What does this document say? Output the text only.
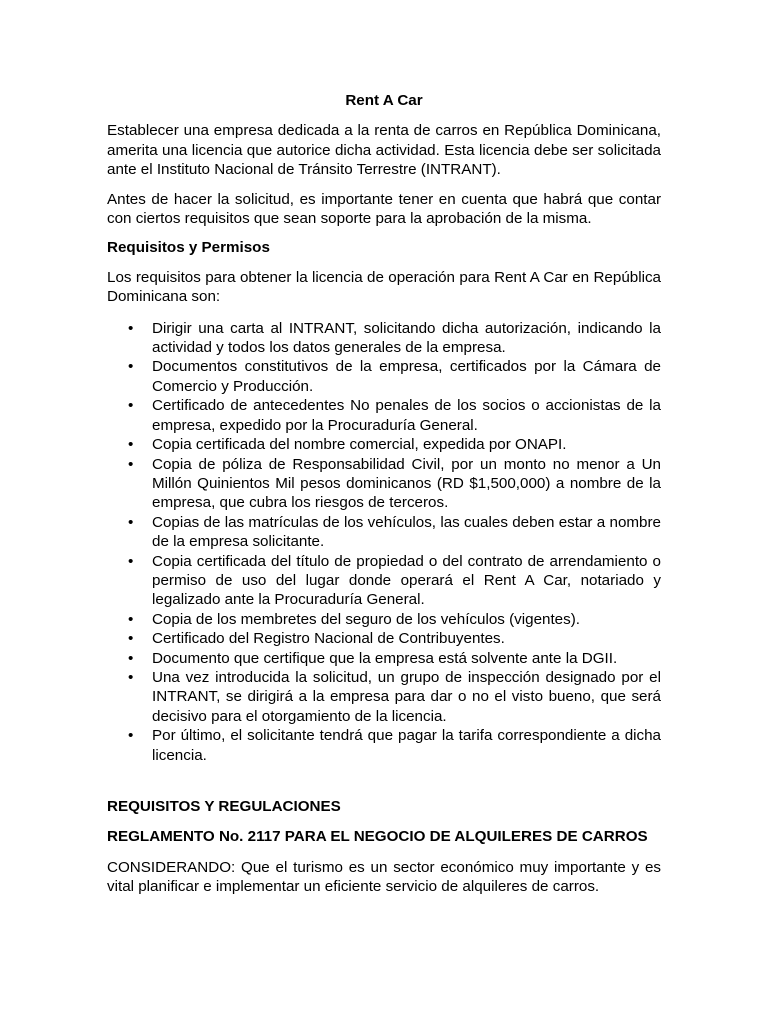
Rent A Car

Establecer una empresa dedicada a la renta de carros en República Dominicana, amerita una licencia que autorice dicha actividad. Esta licencia debe ser solicitada ante el Instituto Nacional de Tránsito Terrestre (INTRANT).

Antes de hacer la solicitud, es importante tener en cuenta que habrá que contar con ciertos requisitos que sean soporte para la aprobación de la misma.

Requisitos y Permisos

Los requisitos para obtener la licencia de operación para Rent A Car en República Dominicana son:

• Dirigir una carta al INTRANT, solicitando dicha autorización, indicando la actividad y todos los datos generales de la empresa.
• Documentos constitutivos de la empresa, certificados por la Cámara de Comercio y Producción.
• Certificado de antecedentes No penales de los socios o accionistas de la empresa, expedido por la Procuraduría General.
• Copia certificada del nombre comercial, expedida por ONAPI.
• Copia de póliza de Responsabilidad Civil, por un monto no menor a Un Millón Quinientos Mil pesos dominicanos (RD $1,500,000) a nombre de la empresa, que cubra los riesgos de terceros.
• Copias de las matrículas de los vehículos, las cuales deben estar a nombre de la empresa solicitante.
• Copia certificada del título de propiedad o del contrato de arrendamiento o permiso de uso del lugar donde operará el Rent A Car, notariado y legalizado ante la Procuraduría General.
• Copia de los membretes del seguro de los vehículos (vigentes).
• Certificado del Registro Nacional de Contribuyentes.
• Documento que certifique que la empresa está solvente ante la DGII.
• Una vez introducida la solicitud, un grupo de inspección designado por el INTRANT, se dirigirá a la empresa para dar o no el visto bueno, que será decisivo para el otorgamiento de la licencia.
• Por último, el solicitante tendrá que pagar la tarifa correspondiente a dicha licencia.
REQUISITOS Y REGULACIONES
REGLAMENTO No. 2117 PARA EL NEGOCIO DE ALQUILERES DE CARROS

CONSIDERANDO: Que el turismo es un sector económico muy importante y es vital planificar e implementar un eficiente servicio de alquileres de carros.
